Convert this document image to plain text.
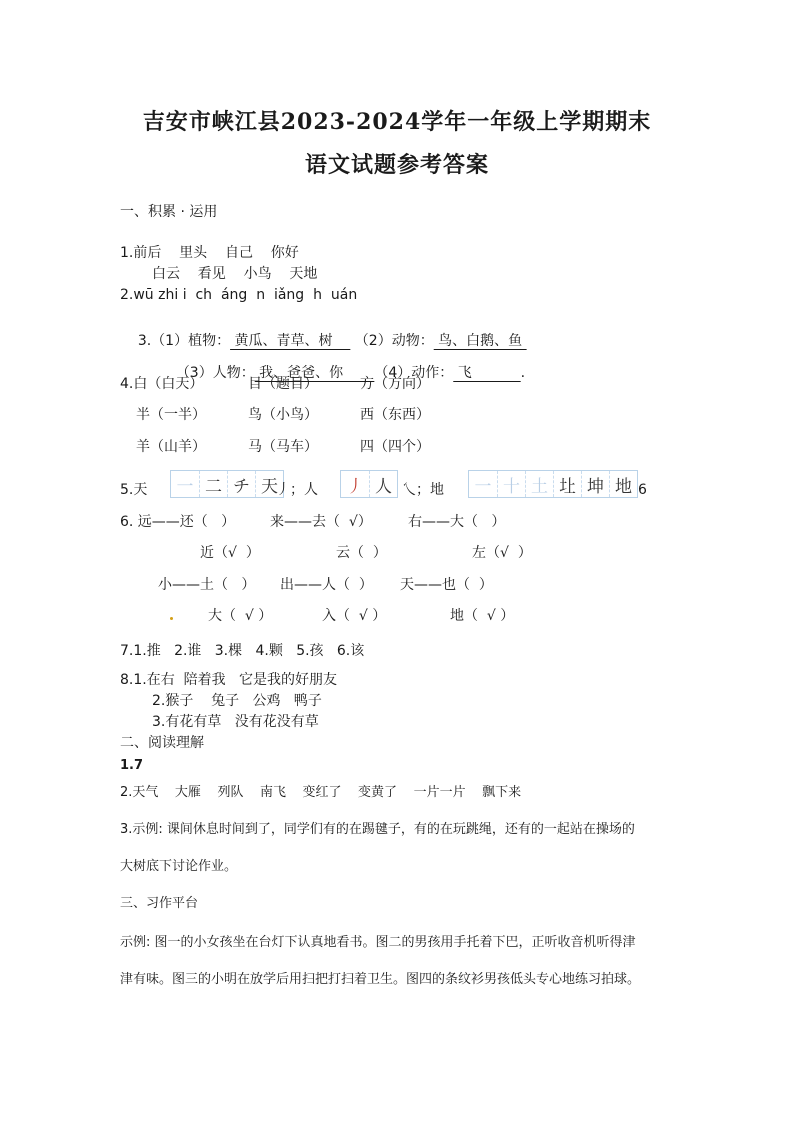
吉安市峡江县2023-2024学年一年级上学期期末
语文试题参考答案
一、积累 · 运用
1.前后    里头    自己    你好
白云    看见    小鸟    天地
2.wū zhi i  ch  áng  n  iǎng  h  uán

3.（1）植物： 黄瓜、青草、树     （2）动物： 鸟、白鹅、鱼

（3）人物： 我、爸爸、你       （4）动作： 飞           .

4.白（白天）	目（题目）	方（方向）
半（一半）	鸟（小鸟）	西（东西）
羊（山羊）	马（马车）	四（四个）
5.天	一 二 チ 天
丿；人	丿 人 乀；地	一 十 土 圵 坤 地 6
6. 远——还（   ） 来——去（  √）	右——大（   ）
近（√  ）	云（  ）	左（√  ）
小——土（   ） 出——人（  ） 天——也（  ）
大（  √ ）	入（  √ ）	地（  √ ）
7.1.推   2.谁   3.棵   4.颗   5.孩   6.该
8.1.在右  陪着我   它是我的好朋友
2.猴子    兔子   公鸡   鸭子
3.有花有草   没有花没有草
二、阅读理解
1.7
2.天气    大雁    列队    南飞    变红了    变黄了    一片一片    飘下来
3.示例: 课间休息时间到了，同学们有的在踢毽子，有的在玩跳绳，还有的一起站在操场的
大树底下讨论作业。
三、习作平台
示例: 图一的小女孩坐在台灯下认真地看书。图二的男孩用手托着下巴，正听收音机听得津
津有味。图三的小明在放学后用扫把打扫着卫生。图四的条纹衫男孩低头专心地练习拍球。
